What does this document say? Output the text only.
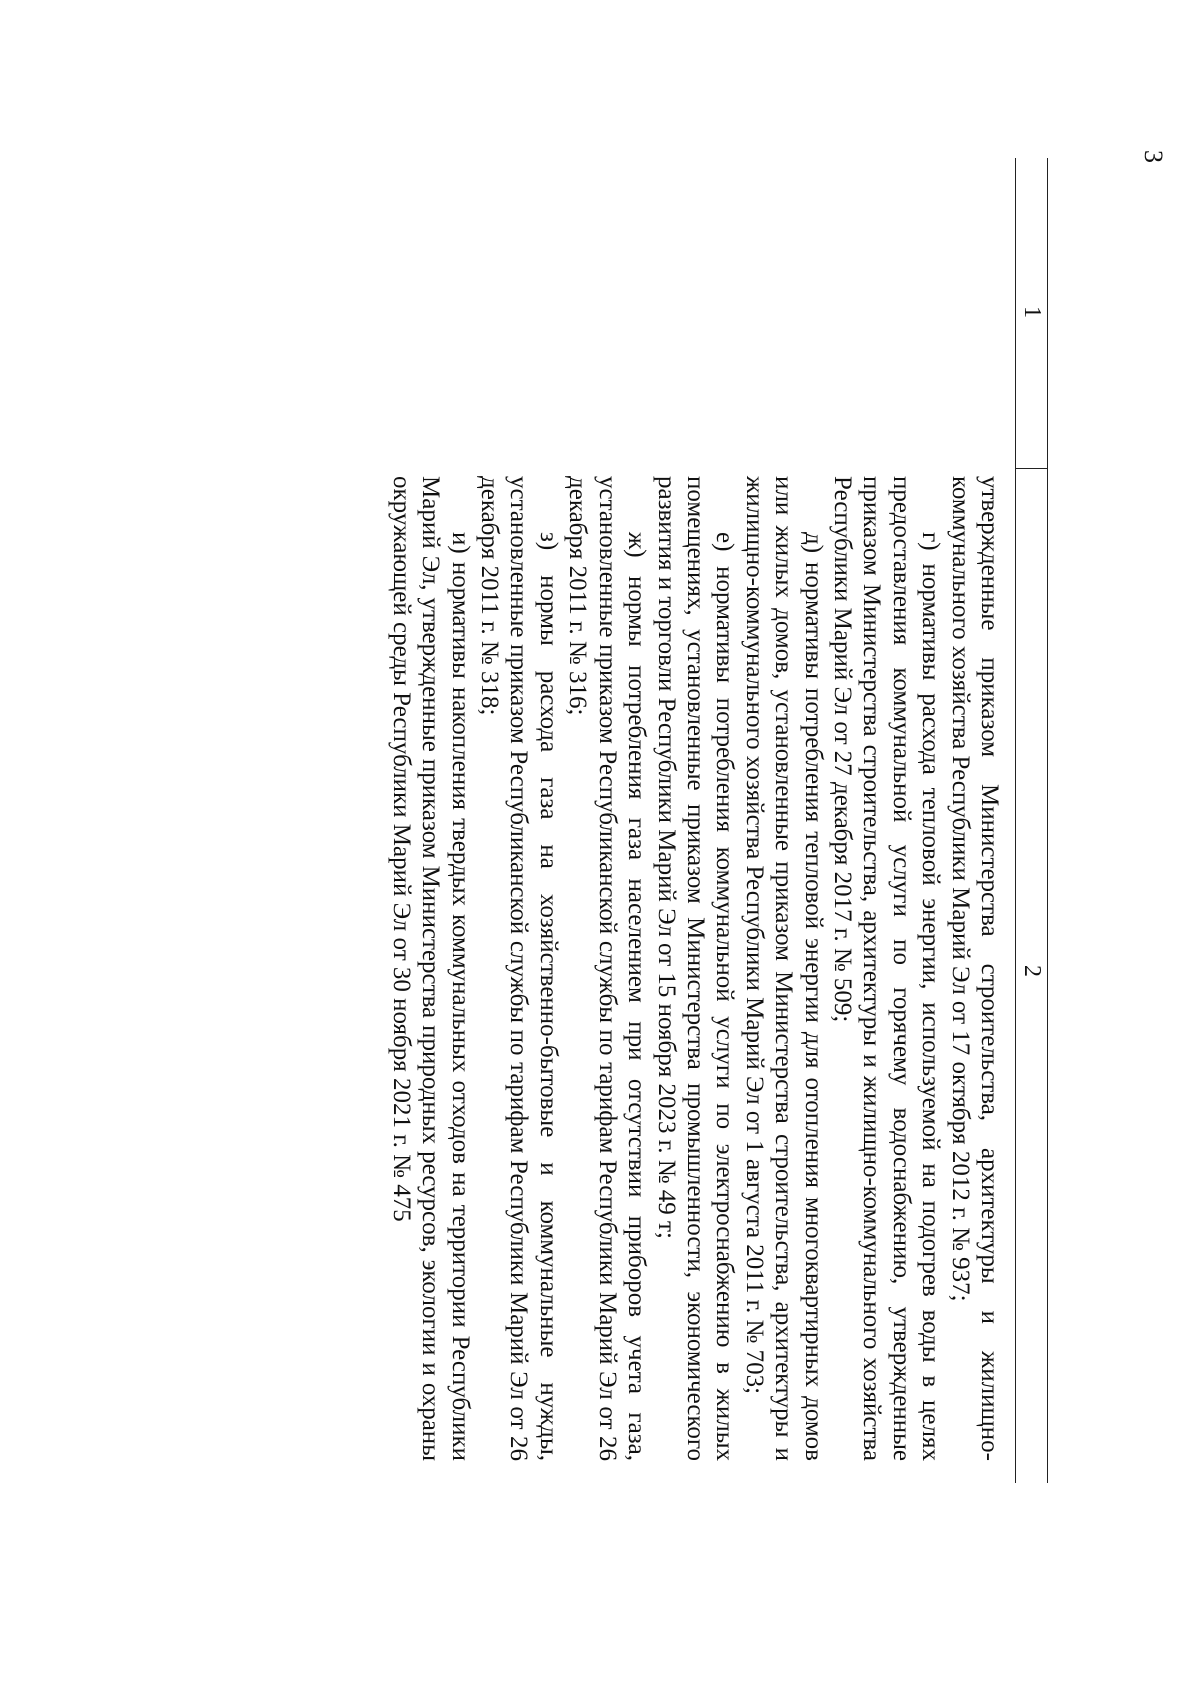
3
1
2

утвержденные приказом Министерства строительства, архитектуры и жилищно-коммунального хозяйства Республики Марий Эл от 17 октября 2012 г. № 937;

г) нормативы расхода тепловой энергии, используемой на подогрев воды в целях предоставления коммунальной услуги по горячему водоснабжению, утвержденные приказом Министерства строительства, архитектуры и жилищно-коммунального хозяйства Республики Марий Эл от 27 декабря 2017 г. № 509;

д) нормативы потребления тепловой энергии для отопления многоквартирных домов или жилых домов, установленные приказом Министерства строительства, архитектуры и жилищно-коммунального хозяйства Республики Марий Эл от 1 августа 2011 г. № 703;

е) нормативы потребления коммунальной услуги по электроснабжению в жилых помещениях, установленные приказом Министерства промышленности, экономического развития и торговли Республики Марий Эл от 15 ноября 2023 г. № 49 т;

ж) нормы потребления газа населением при отсутствии приборов учета газа, установленные приказом Республиканской службы по тарифам Республики Марий Эл от 26 декабря 2011 г. № 316;

з) нормы расхода газа на хозяйственно-бытовые и коммунальные нужды, установленные приказом Республиканской службы по тарифам Республики Марий Эл от 26 декабря 2011 г. № 318;

и) нормативы накопления твердых коммунальных отходов на территории Республики Марий Эл, утвержденные приказом Министерства природных ресурсов, экологии и охраны окружающей среды Республики Марий Эл от 30 ноября 2021 г. № 475
